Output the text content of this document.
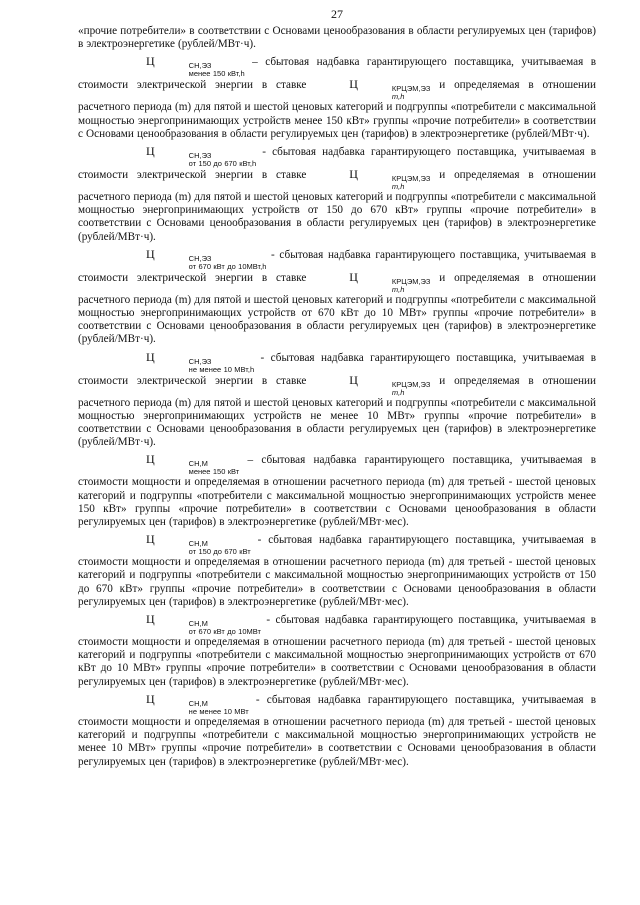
27

«прочие потребители» в соответствии с Основами ценообразования в области регулируемых цен (тарифов) в электроэнергетике (рублей/МВт·ч).

Ц	СН,ЭЗ
менее 150 кВт,h
– сбытовая надбавка гарантирующего поставщика, учитываемая в стоимости электрической энергии в ставке	Ц	КРЦЭМ,ЭЗ
m,h
и определяемая в отношении расчетного периода (m) для пятой и шестой ценовых категорий и подгруппы «потребители с максимальной мощностью энергопринимающих устройств менее 150 кВт» группы «прочие потребители» в соответствии с Основами ценообразования в области регулируемых цен (тарифов) в электроэнергетике (рублей/МВт·ч).

Ц	СН,ЭЗ
от 150 до 670 кВт,h
- сбытовая надбавка гарантирующего поставщика, учитываемая в стоимости электрической энергии в ставке	Ц	КРЦЭМ,ЭЗ
m,h
и определяемая в отношении расчетного периода (m) для пятой и шестой ценовых категорий и подгруппы «потребители с максимальной мощностью энергопринимающих устройств от 150 до 670 кВт» группы «прочие потребители» в соответствии с Основами ценообразования в области регулируемых цен (тарифов) в электроэнергетике (рублей/МВт·ч).

Ц	СН,ЭЗ
от 670 кВт до 10МВт,h
- сбытовая надбавка гарантирующего поставщика, учитываемая в стоимости электрической энергии в ставке	Ц	КРЦЭМ,ЭЗ
m,h
и определяемая в отношении расчетного периода (m) для пятой и шестой ценовых категорий и подгруппы «потребители с максимальной мощностью энергопринимающих устройств от 670 кВт до 10 МВт» группы «прочие потребители» в соответствии с Основами ценообразования в области регулируемых цен (тарифов) в электроэнергетике (рублей/МВт·ч).

Ц	СН,ЭЗ
не менее 10 МВт,h
- сбытовая надбавка гарантирующего поставщика, учитываемая в стоимости электрической энергии в ставке	Ц	КРЦЭМ,ЭЗ
m,h
и определяемая в отношении расчетного периода (m) для пятой и шестой ценовых категорий и подгруппы «потребители с максимальной мощностью энергопринимающих устройств не менее 10 МВт» группы «прочие потребители» в соответствии с Основами ценообразования в области регулируемых цен (тарифов) в электроэнергетике (рублей/МВт·ч).

Ц	СН,М
менее 150 кВт
– сбытовая надбавка гарантирующего поставщика, учитываемая в стоимости мощности и определяемая в отношении расчетного периода (m) для третьей - шестой ценовых категорий и подгруппы «потребители с максимальной мощностью энергопринимающих устройств менее 150 кВт» группы «прочие потребители» в соответствии с Основами ценообразования в области регулируемых цен (тарифов) в электроэнергетике (рублей/МВт·мес).

Ц	СН,М
от 150 до 670 кВт
- сбытовая надбавка гарантирующего поставщика, учитываемая в стоимости мощности и определяемая в отношении расчетного периода (m) для третьей - шестой ценовых категорий и подгруппы «потребители с максимальной мощностью энергопринимающих устройств от 150 до 670 кВт» группы «прочие потребители» в соответствии с Основами ценообразования в области регулируемых цен (тарифов) в электроэнергетике (рублей/МВт·мес).

Ц	СН,М
от 670 кВт до 10МВт
- сбытовая надбавка гарантирующего поставщика, учитываемая в стоимости мощности и определяемая в отношении расчетного периода (m) для третьей - шестой ценовых категорий и подгруппы «потребители с максимальной мощностью энергопринимающих устройств от 670 кВт до 10 МВт» группы «прочие потребители» в соответствии с Основами ценообразования в области регулируемых цен (тарифов) в электроэнергетике (рублей/МВт·мес).

Ц	СН,М
не менее 10 МВт
- сбытовая надбавка гарантирующего поставщика, учитываемая в стоимости мощности и определяемая в отношении расчетного периода (m) для третьей - шестой ценовых категорий и подгруппы «потребители с максимальной мощностью энергопринимающих устройств не менее 10 МВт» группы «прочие потребители» в соответствии с Основами ценообразования в области регулируемых цен (тарифов) в электроэнергетике (рублей/МВт·мес).
